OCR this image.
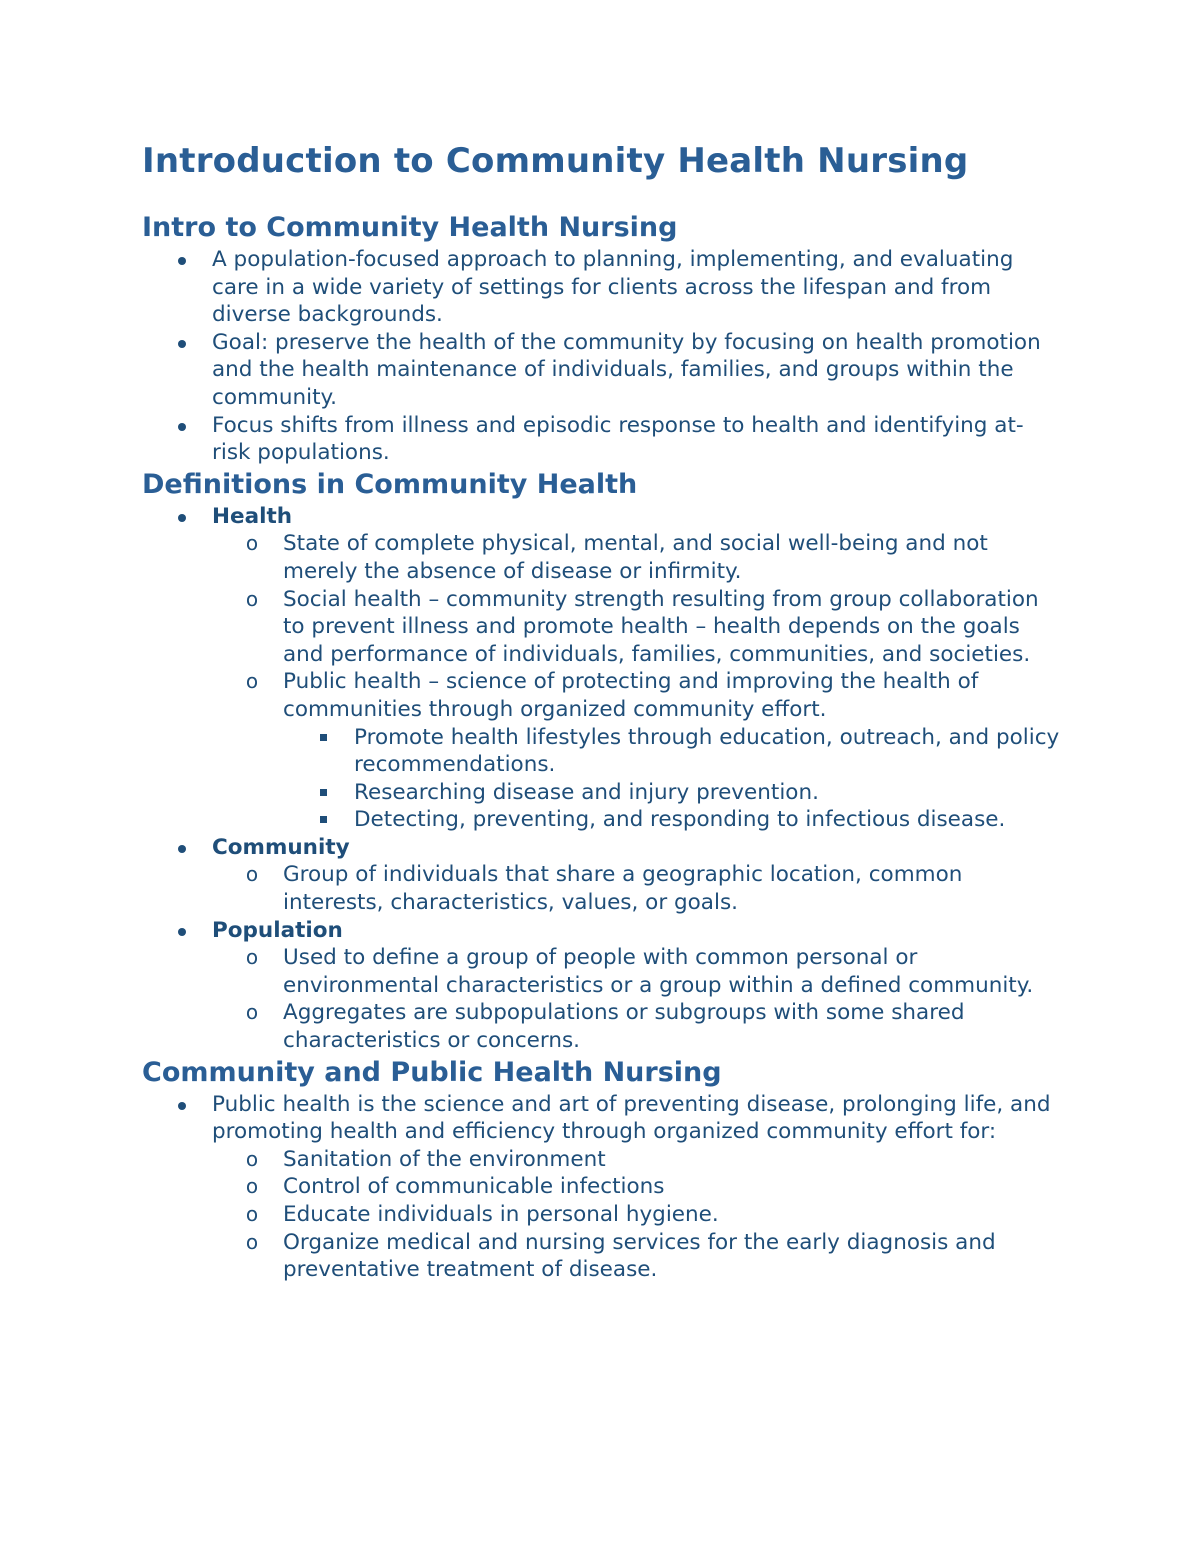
Introduction to Community Health Nursing
Intro to Community Health Nursing
A population-focused approach to planning, implementing, and evaluating care in a wide variety of settings for clients across the lifespan and from diverse backgrounds.
Goal: preserve the health of the community by focusing on health promotion and the health maintenance of individuals, families, and groups within the community.
Focus shifts from illness and episodic response to health and identifying at-risk populations.
Definitions in Community Health
Health
o State of complete physical, mental, and social well-being and not merely the absence of disease or infirmity.
o Social health – community strength resulting from group collaboration to prevent illness and promote health – health depends on the goals and performance of individuals, families, communities, and societies.
o Public health – science of protecting and improving the health of communities through organized community effort.
Promote health lifestyles through education, outreach, and policy recommendations.
Researching disease and injury prevention.
Detecting, preventing, and responding to infectious disease.
Community
o Group of individuals that share a geographic location, common interests, characteristics, values, or goals.
Population
o Used to define a group of people with common personal or environmental characteristics or a group within a defined community.
o Aggregates are subpopulations or subgroups with some shared characteristics or concerns.
Community and Public Health Nursing
Public health is the science and art of preventing disease, prolonging life, and promoting health and efficiency through organized community effort for:
o Sanitation of the environment
o Control of communicable infections
o Educate individuals in personal hygiene.
o Organize medical and nursing services for the early diagnosis and preventative treatment of disease.
